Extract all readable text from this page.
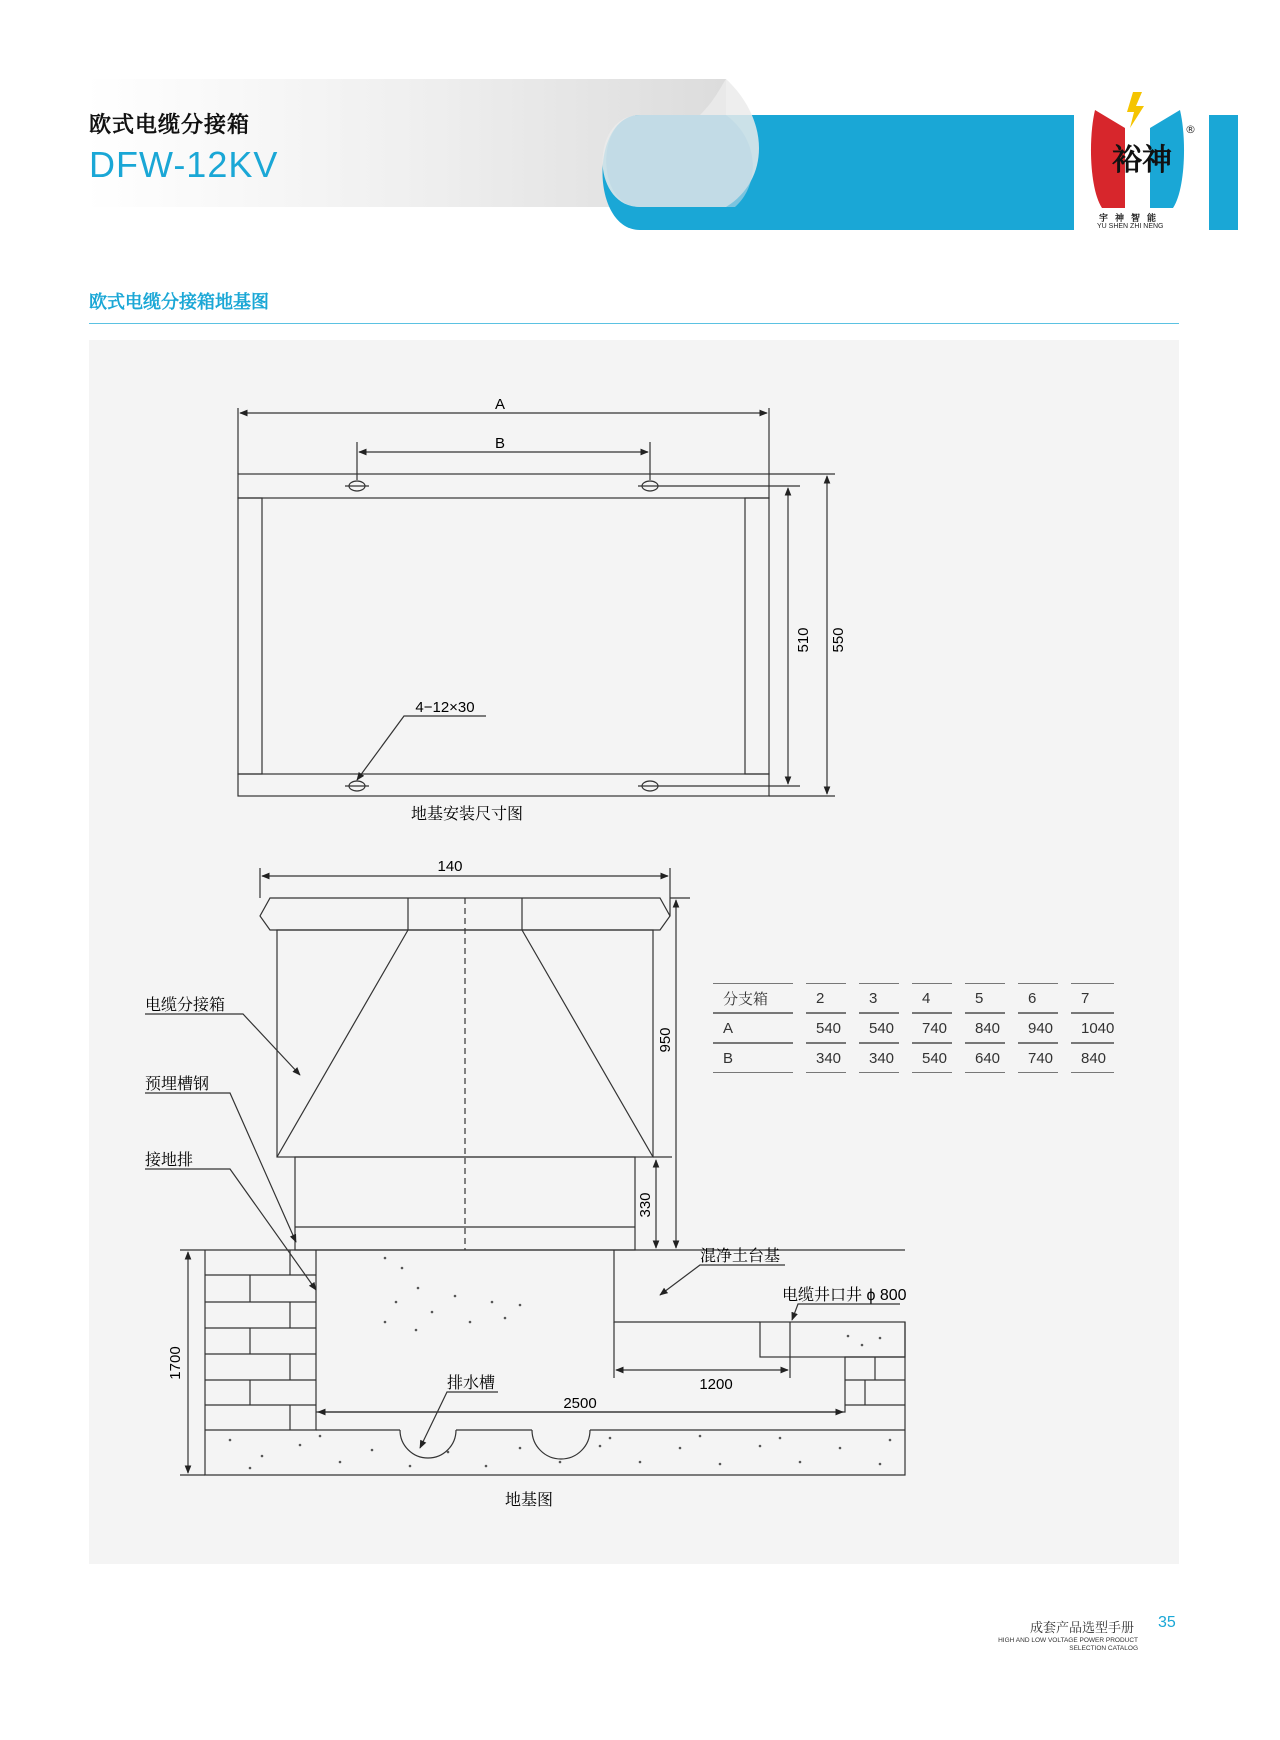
裕神
®
宇神智能
YU SHEN ZHI NENG
欧式电缆分接箱
DFW-12KV
欧式电缆分接箱地基图
A
B
510 550
4−12×30
140
950
330
1700
1200
2500
地基安装尺寸图
电缆分接箱
预埋槽钢
接地排
混净土台基
电缆井口井 ϕ 800
排水槽
地基图
分支箱	2	3	4	5	6	7
A	540	540	740	840	940	1040
B	340	340	540	640	740	840
成套产品选型手册 35
HIGH AND LOW VOLTAGE POWER PRODUCT
SELECTION CATALOG
